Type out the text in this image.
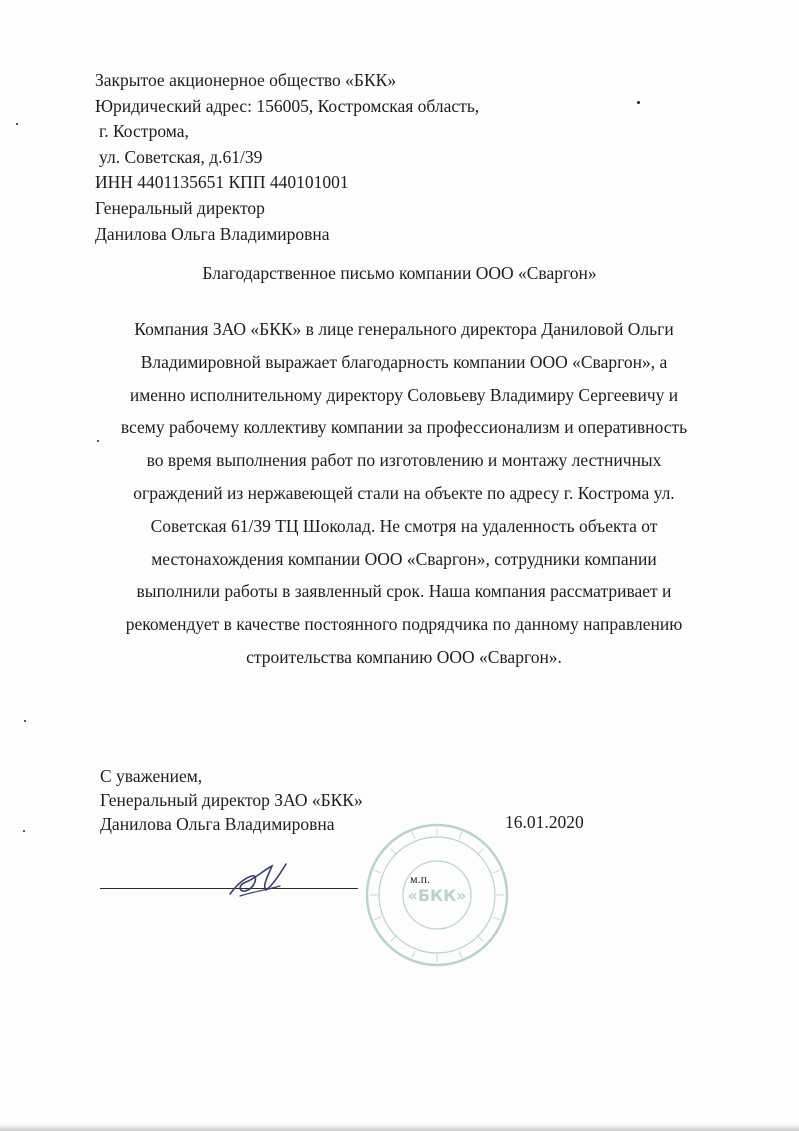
Закрытое акционерное общество «БКК»
Юридический адрес: 156005, Костромская область,
г. Кострома,
ул. Советская, д.61/39
ИНН 4401135651 КПП 440101001
Генеральный директор
Данилова Ольга Владимировна
Благодарственное письмо компании ООО «Сваргон»
Компания ЗАО «БКК» в лице генерального директора Даниловой Ольги
Владимировной выражает благодарность компании ООО «Сваргон», а
именно исполнительному директору Соловьеву Владимиру Сергеевичу и
всему рабочему коллективу компании за профессионализм и оперативность
во время выполнения работ по изготовлению и монтажу лестничных
ограждений из нержавеющей стали на объекте по адресу г. Кострома ул.
Советская 61/39 ТЦ Шоколад. Не смотря на удаленность объекта от
местонахождения компании ООО «Сваргон», сотрудники компании
выполнили работы в заявленный срок. Наша компания рассматривает и
рекомендует в качестве постоянного подрядчика по данному направлению
строительства компанию ООО «Сваргон».
С уважением,
Генеральный директор ЗАО «БКК»
Данилова Ольга Владимировна	16.01.2020
«БКК»
м.п.
